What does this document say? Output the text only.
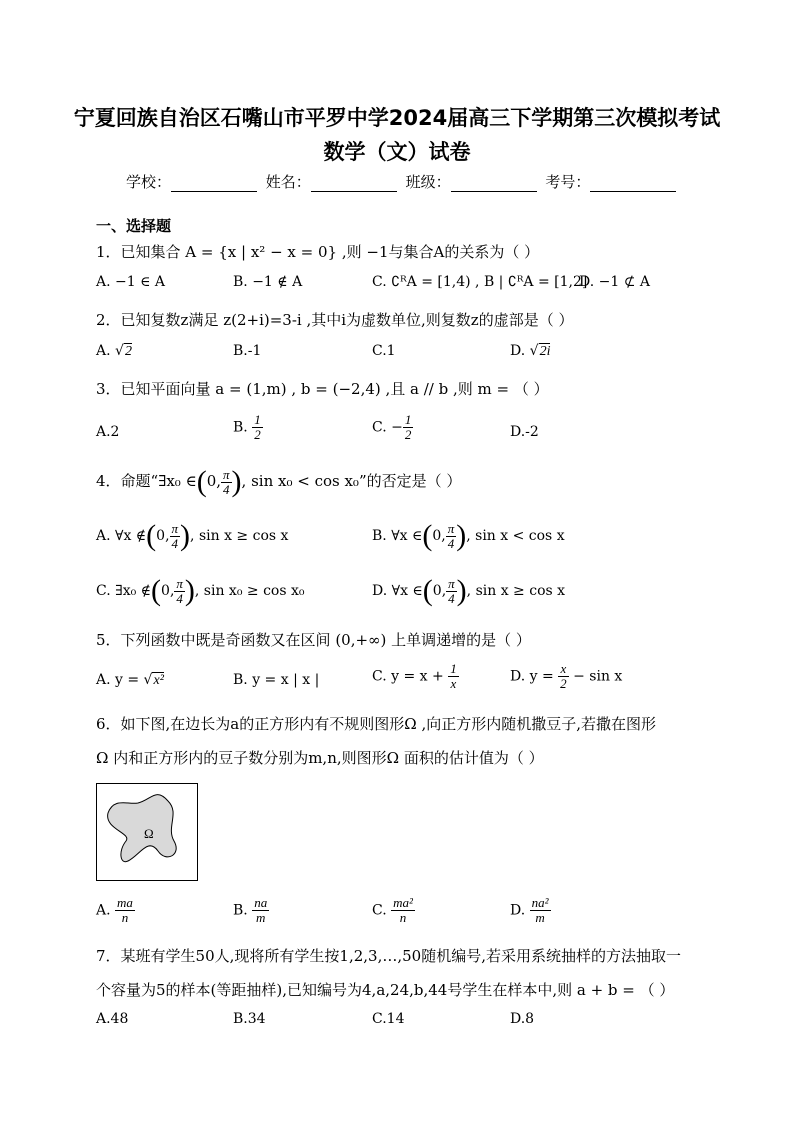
宁夏回族自治区石嘴山市平罗中学2024届高三下学期第三次模拟考试
数学（文）试卷
学校：	姓名：	班级：	考号：
一、选择题
1．已知集合 A = {x | x² − x = 0} ,则 −1与集合A的关系为（ ）
A. −1 ∈ A	B. −1 ∉ A	C. ∁ᴿA = [1,4) , B | ∁ᴿA = [1,2]
D. −1 ⊄ A
2．已知复数z满足 z(2+i)=3-i ,其中i为虚数单位,则复数z的虚部是（ ）
A. √2	B.-1	C.1	D. √2i
3．已知平面向量 a = (1,m) , b = (−2,4) ,且 a // b ,则 m = （ ）
A.2	B. $\frac{1}{2}$	C. − $\frac{1}{2}$	D.-2
4．命题“∃x₀ ∈(0, $\frac{\pi}{4}$ ), sin x₀ < cos x₀”的否定是（ ）
A. ∀x ∉(0, $\frac{\pi}{4}$ ), sin x ≥ cos x	B. ∀x ∈(0, $\frac{\pi}{4}$ ), sin x < cos x
C. ∃x₀ ∉(0, $\frac{\pi}{4}$ ), sin x₀ ≥ cos x₀	D. ∀x ∈(0, $\frac{\pi}{4}$ ), sin x ≥ cos x
5．下列函数中既是奇函数又在区间 (0,+∞) 上单调递增的是（ ）
A. y = √x²	B. y = x | x |	C. $y = x + \frac{1}{x}$	D. $y = \frac{x}{2} - \sin x$
6．如下图,在边长为a的正方形内有不规则图形Ω ,向正方形内随机撒豆子,若撒在图形
Ω 内和正方形内的豆子数分别为m,n,则图形Ω 面积的估计值为（ ）
Ω
A. $\frac{ma}{n}$	B. $\frac{na}{m}$	C. $\frac{\text{ma²}}{n}$	D. $\frac{\text{na²}}{m}$
7．某班有学生50人,现将所有学生按1,2,3,…,50随机编号,若采用系统抽样的方法抽取一
个容量为5的样本(等距抽样),已知编号为4,a,24,b,44号学生在样本中,则 a + b = （ ）
A.48	B.34	C.14	D.8
